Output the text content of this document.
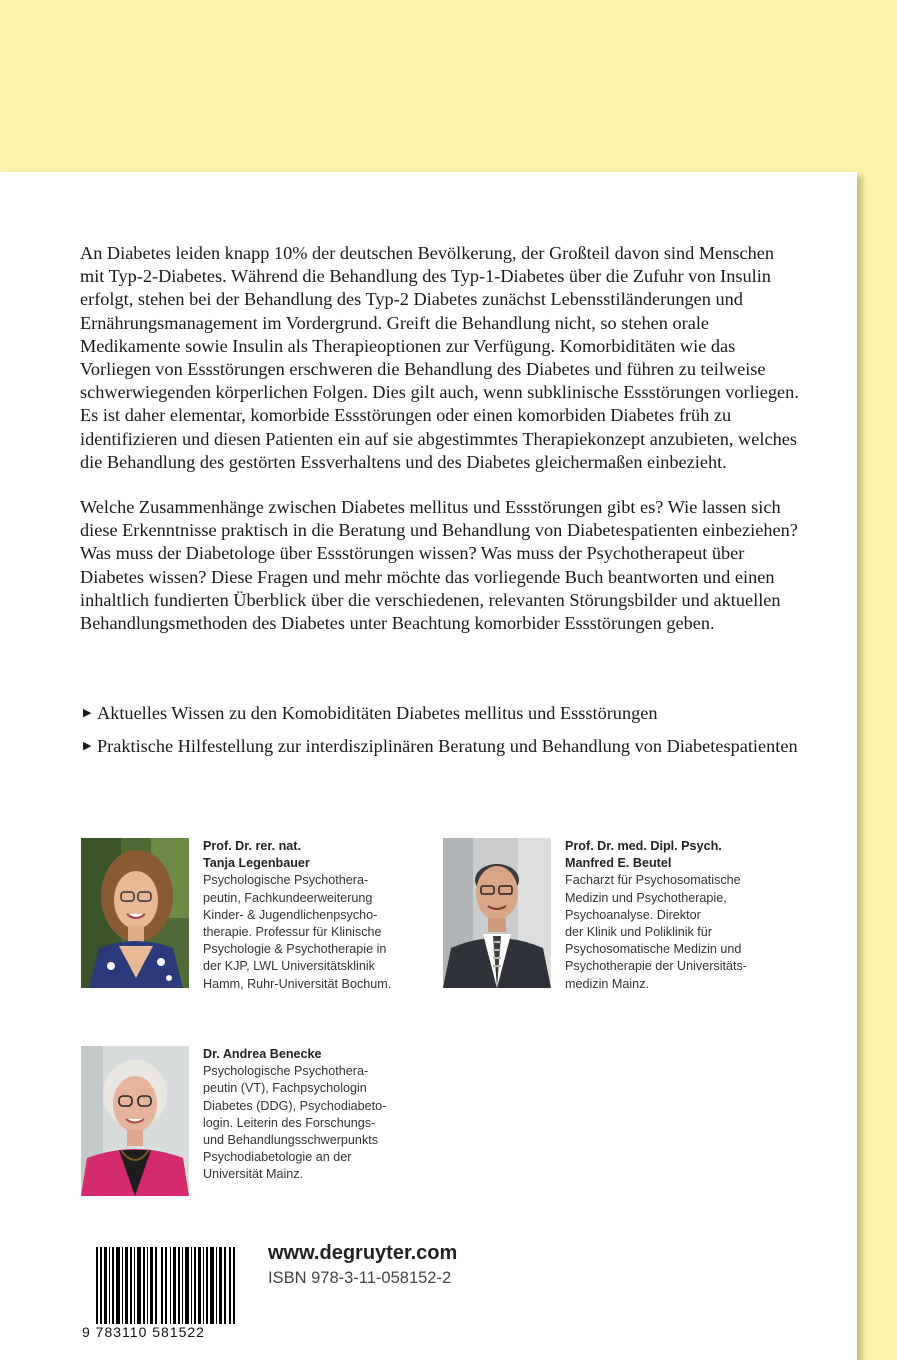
An Diabetes leiden knapp 10% der deutschen Bevölkerung, der Großteil davon sind Menschen mit Typ-2-Diabetes. Während die Behandlung des Typ-1-Diabetes über die Zufuhr von Insulin erfolgt, stehen bei der Behandlung des Typ-2 Diabetes zunächst Lebensstiländerungen und Ernährungsmanagement im Vordergrund. Greift die Behandlung nicht, so stehen orale Medikamente sowie Insulin als Therapieoptionen zur Verfügung. Komorbiditäten wie das Vorliegen von Essstörungen erschweren die Behandlung des Diabetes und führen zu teilweise schwerwiegenden körperlichen Folgen. Dies gilt auch, wenn subklinische Essstörungen vorliegen. Es ist daher elementar, komorbide Essstörungen oder einen komorbiden Diabetes früh zu identifizieren und diesen Patienten ein auf sie abgestimmtes Therapiekonzept anzubieten, welches die Behandlung des gestörten Essverhaltens und des Diabetes gleichermaßen einbezieht.

Welche Zusammenhänge zwischen Diabetes mellitus und Essstörungen gibt es? Wie lassen sich diese Erkenntnisse praktisch in die Beratung und Behandlung von Diabetespatienten einbeziehen? Was muss der Diabetologe über Essstörungen wissen? Was muss der Psychotherapeut über Diabetes wissen? Diese Fragen und mehr möchte das vorliegende Buch beantworten und einen inhaltlich fundierten Überblick über die verschiedenen, relevanten Störungsbilder und aktuellen Behandlungsmethoden des Diabetes unter Beachtung komorbider Essstörungen geben.

▶ Aktuelles Wissen zu den Komobiditäten Diabetes mellitus und Essstörungen
▶ Praktische Hilfestellung zur interdisziplinären Beratung und Behandlung von Diabetespatienten
Prof. Dr. rer. nat.
Tanja Legenbauer
Psychologische Psychothera-
peutin, Fachkundeerweiterung
Kinder- & Jugendlichenpsycho-
therapie. Professur für Klinische
Psychologie & Psychotherapie in
der KJP, LWL Universitätsklinik
Hamm, Ruhr-Universität Bochum.
Prof. Dr. med. Dipl. Psych.
Manfred E. Beutel
Facharzt für Psychosomatische
Medizin und Psychotherapie,
Psychoanalyse. Direktor
der Klinik und Poliklinik für
Psychosomatische Medizin und
Psychotherapie der Universitäts-
medizin Mainz.
Dr. Andrea Benecke
Psychologische Psychothera-
peutin (VT), Fachpsychologin
Diabetes (DDG), Psychodiabeto-
login. Leiterin des Forschungs-
und Behandlungsschwerpunkts
Psychodiabetologie an der
Universität Mainz.
9 783110 581522
www.degruyter.com
ISBN 978-3-11-058152-2
